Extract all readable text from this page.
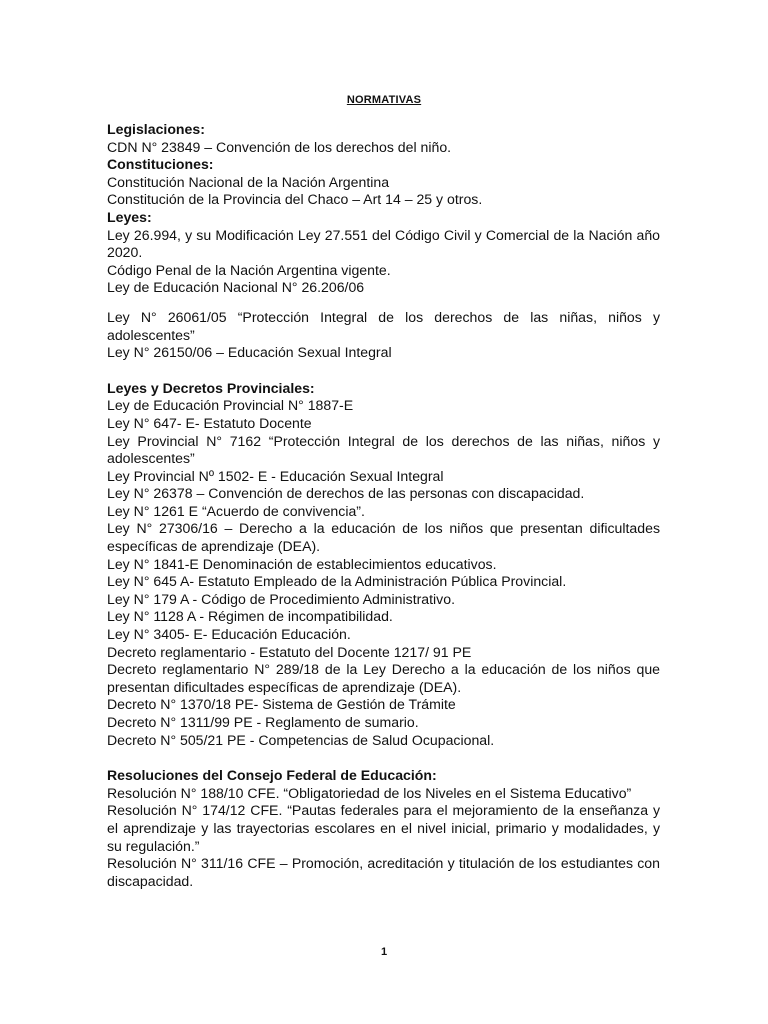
NORMATIVAS

Legislaciones:

CDN N° 23849 – Convención de los derechos del niño.

Constituciones:

Constitución Nacional de la Nación Argentina

Constitución de la Provincia del Chaco – Art 14 – 25 y otros.

Leyes:

Ley 26.994, y su Modificación Ley 27.551 del Código Civil y Comercial de la Nación año 2020.

Código Penal de la Nación Argentina vigente.

Ley de Educación Nacional N° 26.206/06

Ley N° 26061/05 “Protección Integral de los derechos de las niñas, niños y adolescentes”

Ley N° 26150/06 – Educación Sexual Integral

Leyes y Decretos Provinciales:

Ley de Educación Provincial N° 1887-E

Ley N° 647- E- Estatuto Docente

Ley Provincial N° 7162 “Protección Integral de los derechos de las niñas, niños y adolescentes”

Ley Provincial Nº 1502- E - Educación Sexual Integral

Ley N° 26378 – Convención de derechos de las personas con discapacidad.

Ley N° 1261 E “Acuerdo de convivencia”.

Ley N° 27306/16 – Derecho a la educación de los niños que presentan dificultades específicas de aprendizaje (DEA).

Ley N° 1841-E Denominación de establecimientos educativos.

Ley N° 645 A- Estatuto Empleado de la Administración Pública Provincial.

Ley N° 179 A - Código de Procedimiento Administrativo.

Ley N° 1128 A - Régimen de incompatibilidad.

Ley N° 3405- E- Educación Educación.

Decreto reglamentario - Estatuto del Docente 1217/ 91 PE

Decreto reglamentario N° 289/18 de la Ley Derecho a la educación de los niños que presentan dificultades específicas de aprendizaje (DEA).

Decreto N° 1370/18 PE- Sistema de Gestión de Trámite

Decreto N° 1311/99 PE - Reglamento de sumario.

Decreto N° 505/21 PE - Competencias de Salud Ocupacional.

Resoluciones del Consejo Federal de Educación:

Resolución N° 188/10 CFE. “Obligatoriedad de los Niveles en el Sistema Educativo”

Resolución N° 174/12 CFE. “Pautas federales para el mejoramiento de la enseñanza y el aprendizaje y las trayectorias escolares en el nivel inicial, primario y modalidades, y su regulación.”

Resolución N° 311/16 CFE – Promoción, acreditación y titulación de los estudiantes con discapacidad.

1
